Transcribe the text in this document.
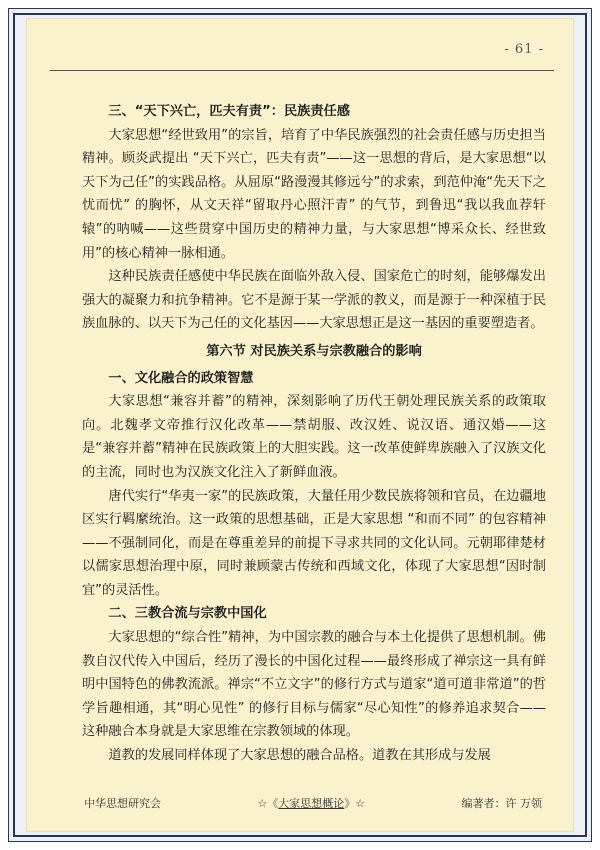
- 61 -
三、“天下兴亡，匹夫有责”：民族责任感

大家思想“经世致用”的宗旨，培育了中华民族强烈的社会责任感与历史担当精神。顾炎武提出 “天下兴亡，匹夫有责”——这一思想的背后，是大家思想“以天下为己任”的实践品格。从屈原“路漫漫其修远兮”的求索，到范仲淹“先天下之忧而忧” 的胸怀，从文天祥“留取丹心照汗青” 的气节，到鲁迅“我以我血荐轩辕”的呐喊——这些贯穿中国历史的精神力量，与大家思想“博采众长、经世致用”的核心精神一脉相通。

这种民族责任感使中华民族在面临外敌入侵、国家危亡的时刻，能够爆发出强大的凝聚力和抗争精神。它不是源于某一学派的教义，而是源于一种深植于民族血脉的、以天下为己任的文化基因——大家思想正是这一基因的重要塑造者。

第六节 对民族关系与宗教融合的影响
一、文化融合的政策智慧

大家思想“兼容并蓄”的精神，深刻影响了历代王朝处理民族关系的政策取向。北魏孝文帝推行汉化改革——禁胡服、改汉姓、说汉语、通汉婚——这是“兼容并蓄”精神在民族政策上的大胆实践。这一改革使鲜卑族融入了汉族文化的主流，同时也为汉族文化注入了新鲜血液。

唐代实行“华夷一家”的民族政策，大量任用少数民族将领和官员，在边疆地区实行羁縻统治。这一政策的思想基础，正是大家思想 “和而不同” 的包容精神——不强制同化，而是在尊重差异的前提下寻求共同的文化认同。元朝耶律楚材以儒家思想治理中原，同时兼顾蒙古传统和西域文化，体现了大家思想“因时制宜”的灵活性。

二、三教合流与宗教中国化

大家思想的“综合性”精神，为中国宗教的融合与本土化提供了思想机制。佛教自汉代传入中国后，经历了漫长的中国化过程——最终形成了禅宗这一具有鲜明中国特色的佛教流派。禅宗“不立文字”的修行方式与道家“道可道非常道”的哲学旨趣相通，其“明心见性” 的修行目标与儒家“尽心知性”的修养追求契合——这种融合本身就是大家思维在宗教领域的体现。

道教的发展同样体现了大家思想的融合品格。道教在其形成与发展

中华思想研究会	☆《大家思想概论》☆	编著者：许 万领
